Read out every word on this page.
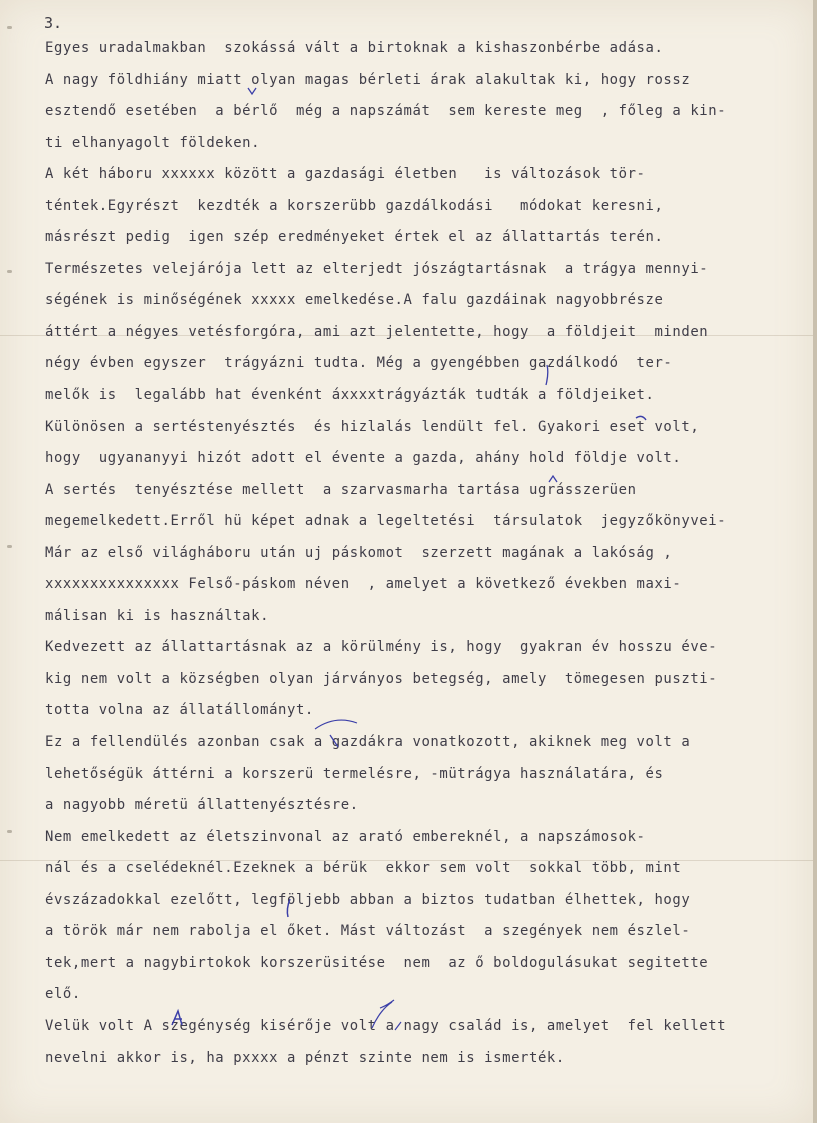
3.
Egyes uradalmakban  szokássá vált a birtoknak a kishaszonbérbe adása.
A nagy földhiány miatt olyan magas bérleti árak alakultak ki, hogy rossz
esztendő esetében  a bérlő  még a napszámát  sem kereste meg  , főleg a kin-
ti elhanyagolt földeken.
A két háboru xxxxxx között a gazdasági életben   is változások tör-
téntek.Egyrészt  kezdték a korszerübb gazdálkodási   módokat keresni,
másrészt pedig  igen szép eredményeket értek el az állattartás terén.
Természetes velejárója lett az elterjedt jószágtartásnak  a trágya mennyi-
ségének is minőségének xxxxx emelkedése.A falu gazdáinak nagyobbrésze
áttért a négyes vetésforgóra, ami azt jelentette, hogy  a földjeit  minden
négy évben egyszer  trágyázni tudta. Még a gyengébben gazdálkodó  ter-
melők is  legalább hat évenként áxxxxtrágyázták tudták a földjeiket.
Különösen a sertéstenyésztés  és hizlalás lendült fel. Gyakori eset volt,
hogy  ugyananyyi hizót adott el évente a gazda, ahány hold földje volt.
A sertés  tenyésztése mellett  a szarvasmarha tartása ugrásszerüen
megemelkedett.Erről hü képet adnak a legeltetési  társulatok  jegyzőkönyvei-
Már az első világháboru után uj páskomot  szerzett magának a lakóság ,
xxxxxxxxxxxxxxx Felső-páskom néven  , amelyet a következő években maxi-
málisan ki is használtak.
Kedvezett az állattartásnak az a körülmény is, hogy  gyakran év hosszu éve-
kig nem volt a községben olyan járványos betegség, amely  tömegesen puszti-
totta volna az állatállományt.
Ez a fellendülés azonban csak a gazdákra vonatkozott, akiknek meg volt a
lehetőségük áttérni a korszerü termelésre, -mütrágya használatára, és
a nagyobb méretü állattenyésztésre.
Nem emelkedett az életszinvonal az arató embereknél, a napszámosok-
nál és a cselédeknél.Ezeknek a bérük  ekkor sem volt  sokkal több, mint
évszázadokkal ezelőtt, legföljebb abban a biztos tudatban élhettek, hogy
a török már nem rabolja el őket. Mást változást  a szegények nem észlel-
tek,mert a nagybirtokok korszerüsitése  nem  az ő boldogulásukat segitette
elő.
Velük volt A szegénység kisérője volt a nagy család is, amelyet  fel kellett
nevelni akkor is, ha pxxxx a pénzt szinte nem is ismerték.
